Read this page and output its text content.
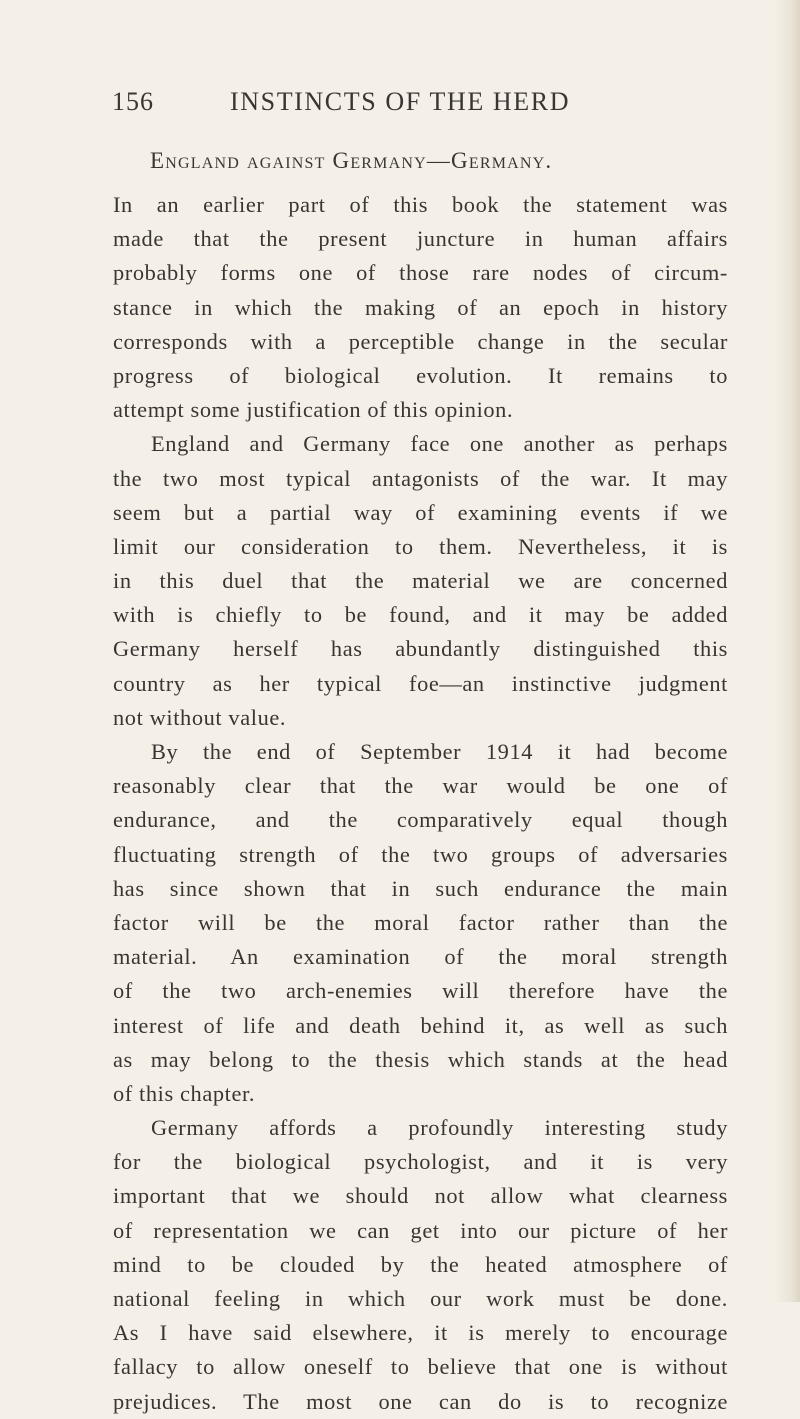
156	INSTINCTS OF THE HERD
England against Germany—Germany.
In an earlier part of this book the statement was
made that the present juncture in human affairs
probably forms one of those rare nodes of circum-
stance in which the making of an epoch in history
corresponds with a perceptible change in the secular
progress of biological evolution. It remains to
attempt some justification of this opinion.
England and Germany face one another as perhaps
the two most typical antagonists of the war. It may
seem but a partial way of examining events if we
limit our consideration to them. Nevertheless, it is
in this duel that the material we are concerned
with is chiefly to be found, and it may be added
Germany herself has abundantly distinguished this
country as her typical foe—an instinctive judgment
not without value.
By the end of September 1914 it had become
reasonably clear that the war would be one of
endurance, and the comparatively equal though
fluctuating strength of the two groups of adversaries
has since shown that in such endurance the main
factor will be the moral factor rather than the
material. An examination of the moral strength
of the two arch-enemies will therefore have the
interest of life and death behind it, as well as such
as may belong to the thesis which stands at the head
of this chapter.
Germany affords a profoundly interesting study
for the biological psychologist, and it is very
important that we should not allow what clearness
of representation we can get into our picture of her
mind to be clouded by the heated atmosphere of
national feeling in which our work must be done.
As I have said elsewhere, it is merely to encourage
fallacy to allow oneself to believe that one is without
prejudices. The most one can do is to recognize
